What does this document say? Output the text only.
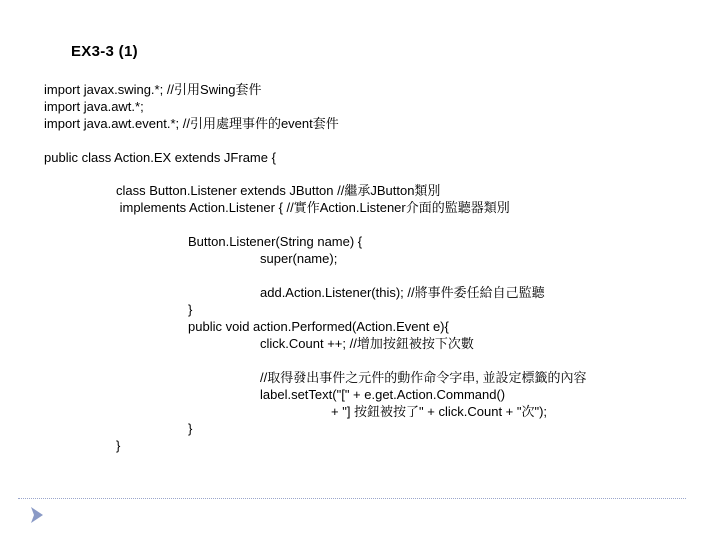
EX3-3 (1)
import javax.swing.*; //引用Swing套件
import java.awt.*;
import java.awt.event.*; //引用處理事件的event套件
public class Action.EX extends JFrame {
class Button.Listener extends JButton //繼承JButton類別
implements Action.Listener { //實作Action.Listener介面的監聽器類別
Button.Listener(String name) {
super(name);
add.Action.Listener(this); //將事件委任給自己監聽
}
public void action.Performed(Action.Event e){
click.Count ++; //增加按鈕被按下次數
//取得發出事件之元件的動作命令字串, 並設定標籤的內容
label.setText("[" + e.get.Action.Command()
+ "] 按鈕被按了" + click.Count + "次");
}
}
